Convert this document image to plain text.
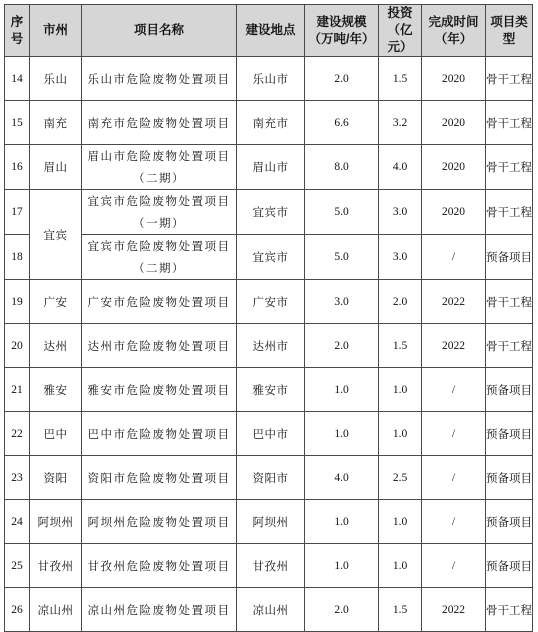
序号	市州	项目名称	建设地点	建设规模（万吨/年）	投资（亿元）	完成时间（年）	项目类型
14	乐山	乐山市危险废物处置项目	乐山市	2.0	1.5	2020	骨干工程

15	南充	南充市危险废物处置项目	南充市	6.6	3.2	2020	骨干工程

16	眉山	眉山市危险废物处置项目
（二期）	眉山市	8.0	4.0	2020	骨干工程

17	宜宾	宜宾市危险废物处置项目
（一期）	宜宾市	5.0	3.0	2020	骨干工程

18		宜宾市危险废物处置项目
（二期）	宜宾市	5.0	3.0	/	预备项目

19	广安	广安市危险废物处置项目	广安市	3.0	2.0	2022	骨干工程

20	达州	达州市危险废物处置项目	达州市	2.0	1.5	2022	骨干工程

21	雅安	雅安市危险废物处置项目	雅安市	1.0	1.0	/	预备项目

22	巴中	巴中市危险废物处置项目	巴中市	1.0	1.0	/	预备项目

23	资阳	资阳市危险废物处置项目	资阳市	4.0	2.5	/	预备项目

24	阿坝州	阿坝州危险废物处置项目	阿坝州	1.0	1.0	/	预备项目

25	甘孜州	甘孜州危险废物处置项目	甘孜州	1.0	1.0	/	预备项目

26	凉山州	凉山州危险废物处置项目	凉山州	2.0	1.5	2022	骨干工程
